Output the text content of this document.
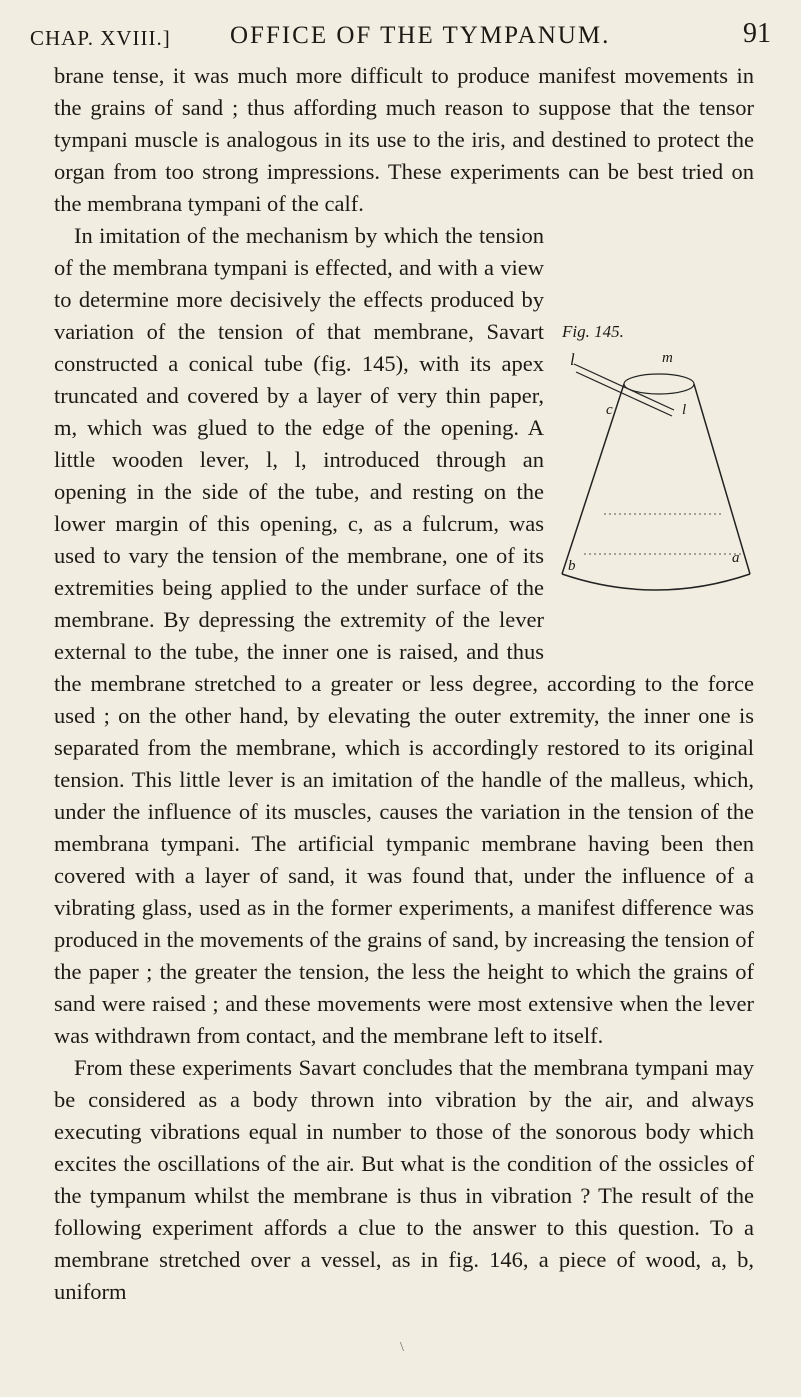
CHAP. XVIII.] OFFICE OF THE TYMPANUM.	91

brane tense, it was much more difficult to produce manifest movements in the grains of sand ; thus affording much reason to suppose that the tensor tympani muscle is analogous in its use to the iris, and destined to protect the organ from too strong impressions. These experiments can be best tried on the membrana tympani of the calf.

Fig. 145.
l	m
c	l
b	a

In imitation of the mechanism by which the tension of the membrana tympani is effected, and with a view to determine more decisively the effects produced by variation of the tension of that membrane, Savart constructed a conical tube (fig. 145), with its apex truncated and covered by a layer of very thin paper, m, which was glued to the edge of the opening. A little wooden lever, l, l, introduced through an opening in the side of the tube, and resting on the lower margin of this opening, c, as a fulcrum, was used to vary the tension of the membrane, one of its extremities being applied to the under surface of the membrane. By depressing the extremity of the lever external to the tube, the inner one is raised, and thus the membrane stretched to a greater or less degree, according to the force used ; on the other hand, by elevating the outer extremity, the inner one is separated from the membrane, which is accordingly restored to its original tension. This little lever is an imitation of the handle of the malleus, which, under the influence of its muscles, causes the variation in the tension of the membrana tympani. The artificial tympanic membrane having been then covered with a layer of sand, it was found that, under the influence of a vibrating glass, used as in the former experiments, a manifest difference was produced in the movements of the grains of sand, by increasing the tension of the paper ; the greater the tension, the less the height to which the grains of sand were raised ; and these movements were most extensive when the lever was withdrawn from contact, and the membrane left to itself.

From these experiments Savart concludes that the membrana tympani may be considered as a body thrown into vibration by the air, and always executing vibrations equal in number to those of the sonorous body which excites the oscillations of the air. But what is the condition of the ossicles of the tympanum whilst the membrane is thus in vibration ? The result of the following experiment affords a clue to the answer to this question. To a membrane stretched over a vessel, as in fig. 146, a piece of wood, a, b, uniform

\
